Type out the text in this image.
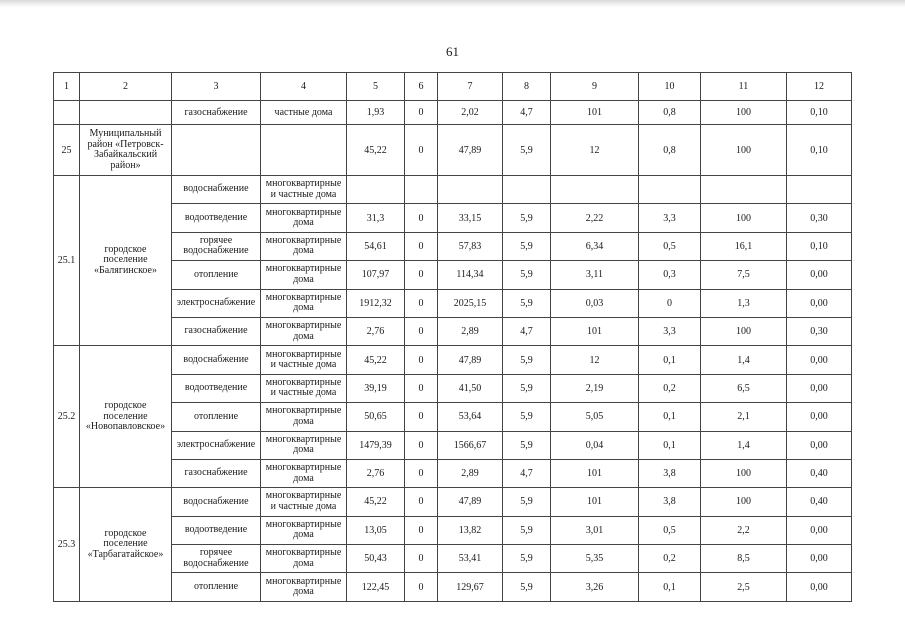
61
1	2	3	4	5	6	7	8	9	10	11	12
		газоснабжение	частные дома	1,93	0	2,02	4,7	101	0,8	100	0,10
25	Муниципальный район «Петровск-Забайкальский район»			45,22	0	47,89	5,9	12	0,8	100	0,10
25.1	городское поселение «Балягинское»	водоснабжение	многоквартирные и частные дома								
		водоотведение	многоквартирные дома	31,3	0	33,15	5,9	2,22	3,3	100	0,30
		горячее водоснабжение	многоквартирные дома	54,61	0	57,83	5,9	6,34	0,5	16,1	0,10
		отопление	многоквартирные дома	107,97	0	114,34	5,9	3,11	0,3	7,5	0,00
		электроснабжение	многоквартирные дома	1912,32	0	2025,15	5,9	0,03	0	1,3	0,00
		газоснабжение	многоквартирные дома	2,76	0	2,89	4,7	101	3,3	100	0,30
25.2	городское поселение «Новопавловское»	водоснабжение	многоквартирные и частные дома	45,22	0	47,89	5,9	12	0,1	1,4	0,00
		водоотведение	многоквартирные и частные дома	39,19	0	41,50	5,9	2,19	0,2	6,5	0,00
		отопление	многоквартирные дома	50,65	0	53,64	5,9	5,05	0,1	2,1	0,00
		электроснабжение	многоквартирные дома	1479,39	0	1566,67	5,9	0,04	0,1	1,4	0,00
		газоснабжение	многоквартирные дома	2,76	0	2,89	4,7	101	3,8	100	0,40
25.3	городское поселение «Тарбагатайское»	водоснабжение	многоквартирные и частные дома	45,22	0	47,89	5,9	101	3,8	100	0,40
		водоотведение	многоквартирные дома	13,05	0	13,82	5,9	3,01	0,5	2,2	0,00
		горячее водоснабжение	многоквартирные дома	50,43	0	53,41	5,9	5,35	0,2	8,5	0,00
		отопление	многоквартирные дома	122,45	0	129,67	5,9	3,26	0,1	2,5	0,00
